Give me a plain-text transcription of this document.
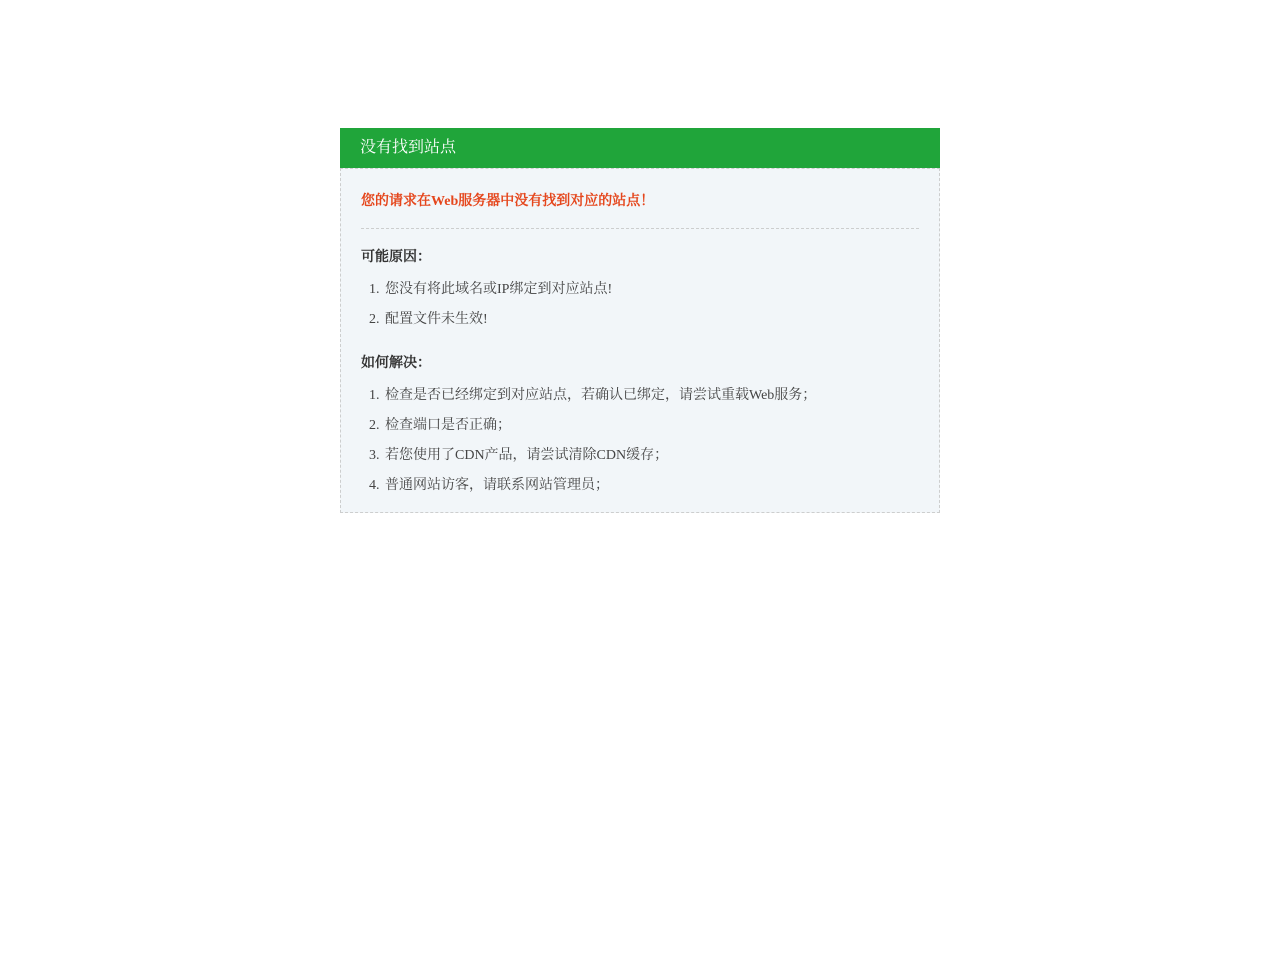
没有找到站点

您的请求在Web服务器中没有找到对应的站点！

可能原因：

1. 您没有将此域名或IP绑定到对应站点!
2. 配置文件未生效!

如何解决：

1. 检查是否已经绑定到对应站点，若确认已绑定，请尝试重载Web服务；
2. 检查端口是否正确；
3. 若您使用了CDN产品，请尝试清除CDN缓存；
4. 普通网站访客，请联系网站管理员；
